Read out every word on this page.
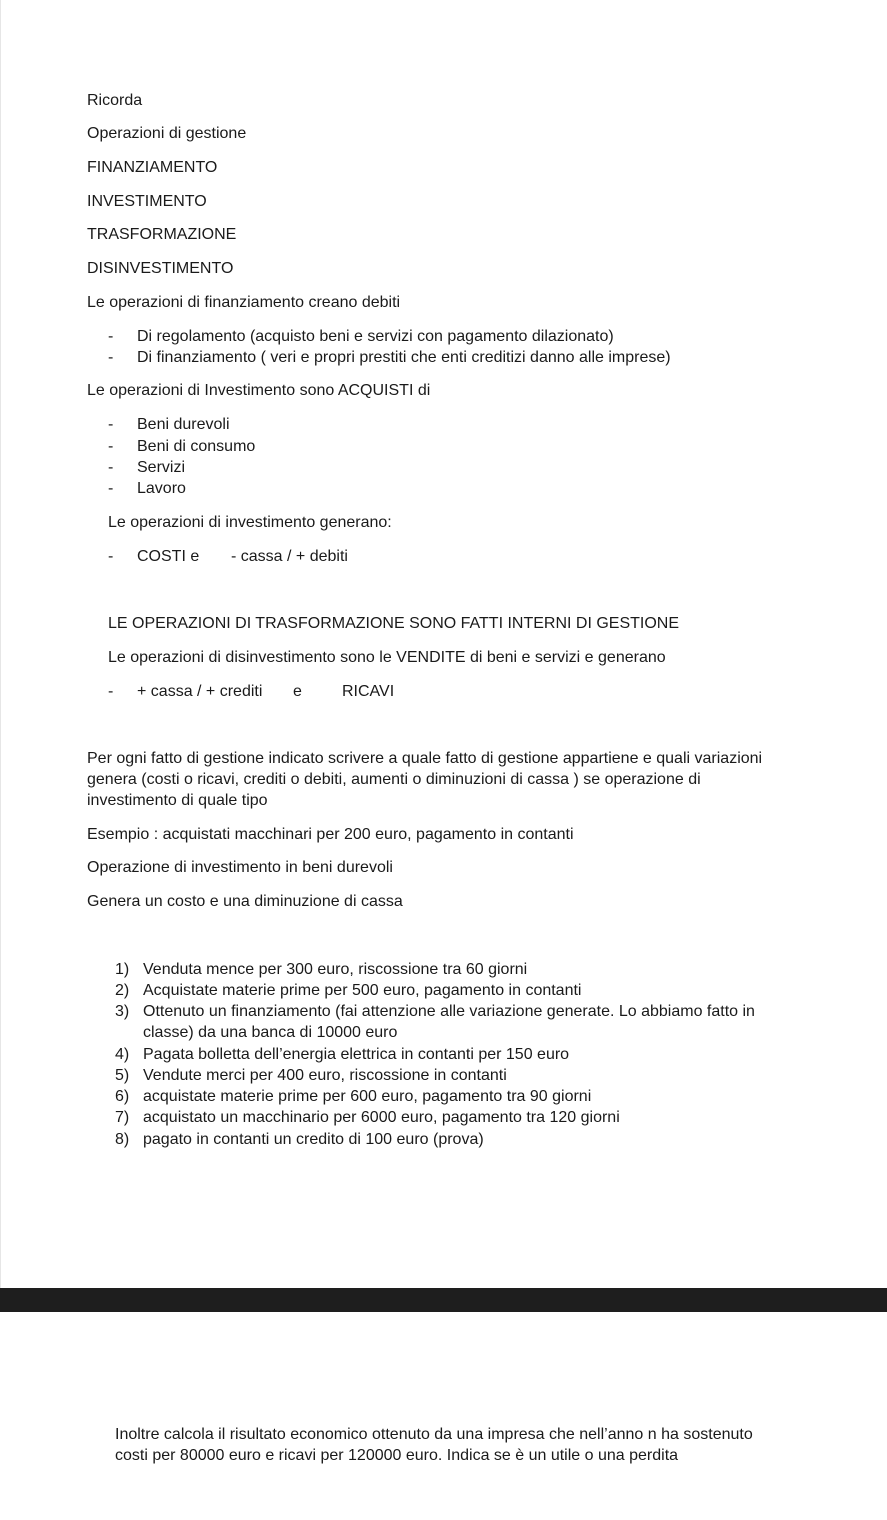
Ricorda

Operazioni di gestione

FINANZIAMENTO

INVESTIMENTO

TRASFORMAZIONE

DISINVESTIMENTO

Le operazioni di finanziamento creano debiti

- Di regolamento (acquisto beni e servizi con pagamento dilazionato)

- Di finanziamento ( veri e propri prestiti che enti creditizi danno alle imprese)

Le operazioni di Investimento sono ACQUISTI di

- Beni durevoli

- Beni di consumo

- Servizi

- Lavoro

Le operazioni di investimento generano:

- COSTI e - cassa / + debiti

LE OPERAZIONI DI TRASFORMAZIONE SONO FATTI INTERNI DI GESTIONE

Le operazioni di disinvestimento sono le VENDITE di beni e servizi e generano

- + cassa / + crediti e	RICAVI

Per ogni fatto di gestione indicato scrivere a quale fatto di gestione appartiene e quali variazioni

genera (costi o ricavi, crediti o debiti, aumenti o diminuzioni di cassa ) se operazione di

investimento di quale tipo

Esempio : acquistati macchinari per 200 euro, pagamento in contanti

Operazione di investimento in beni durevoli

Genera un costo e una diminuzione di cassa

1) Venduta mence per 300 euro, riscossione tra 60 giorni
2) Acquistate materie prime per 500 euro, pagamento in contanti
3) Ottenuto un finanziamento (fai attenzione alle variazione generate. Lo abbiamo fatto in
classe) da una banca di 10000 euro
4) Pagata bolletta dell’energia elettrica in contanti per 150 euro
5) Vendute merci per 400 euro, riscossione in contanti
6) acquistate materie prime per 600 euro, pagamento tra 90 giorni
7) acquistato un macchinario per 6000 euro, pagamento tra 120 giorni
8) pagato in contanti un credito di 100 euro (prova)

Inoltre calcola il risultato economico ottenuto da una impresa che nell’anno n ha sostenuto

costi per 80000 euro e ricavi per 120000 euro. Indica se è un utile o una perdita
